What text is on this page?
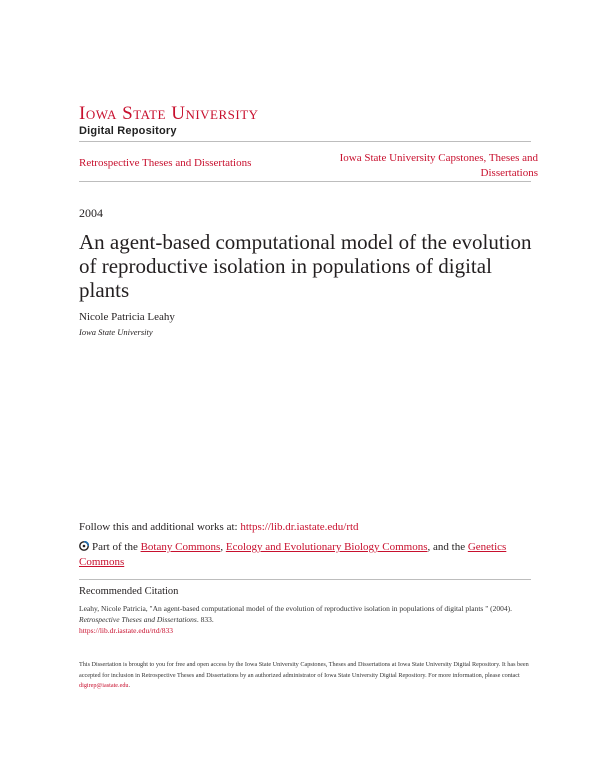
Iowa State University
Digital Repository
Retrospective Theses and Dissertations	Iowa State University Capstones, Theses and Dissertations
2004
An agent-based computational model of the evolution of reproductive isolation in populations of digital plants
Nicole Patricia Leahy
Iowa State University
Follow this and additional works at: https://lib.dr.iastate.edu/rtd
Part of the Botany Commons, Ecology and Evolutionary Biology Commons, and the Genetics Commons
Recommended Citation
Leahy, Nicole Patricia, "An agent-based computational model of the evolution of reproductive isolation in populations of digital plants " (2004). Retrospective Theses and Dissertations. 833.
https://lib.dr.iastate.edu/rtd/833
This Dissertation is brought to you for free and open access by the Iowa State University Capstones, Theses and Dissertations at Iowa State University Digital Repository. It has been accepted for inclusion in Retrospective Theses and Dissertations by an authorized administrator of Iowa State University Digital Repository. For more information, please contact digirep@iastate.edu.
